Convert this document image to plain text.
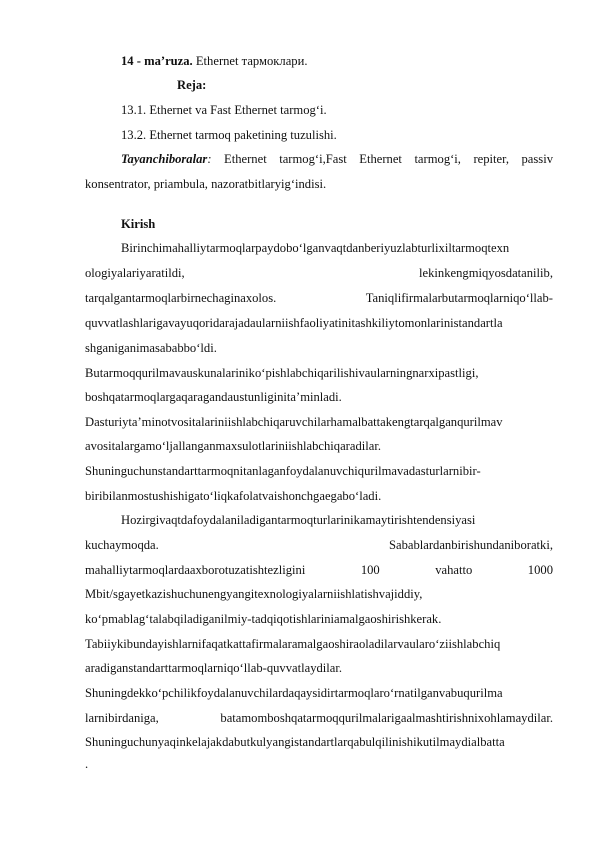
14 - ma’ruza. Ethernet тармоклари.
Reja:
13.1. Ethernet va Fast Ethernet tarmog‘i.
13.2. Ethernet tarmoq paketining tuzulishi.
Tayanchiboralar: Ethernet tarmog‘i,Fast Ethernet tarmog‘i, repiter, passiv
konsentrator, priambula, nazoratbitlaryig‘indisi.
Kirish
Birinchimahalliytarmoqlarpaydobo‘lganvaqtdanberiyuzlabturlixiltarmoqtexn
ologiyalariyaratildi,	lekinkengmiqyosdatanilib,
tarqalgantarmoqlarbirnechaginaxolos.	Taniqlifirmalarbutarmoqlarniqo‘llab-
quvvatlashlarigavayuqoridarajadaularniishfaoliyatinitashkiliytomonlarinistandartla
shganiganimasababbo‘ldi.
Butarmoqqurilmavauskunalariniko‘pishlabchiqarilishivaularningnarxipastligi,
boshqatarmoqlargaqaragandaustunliginita’minladi.
Dasturiyta’minotvositalariniishlabchiqaruvchilarhamalbattakengtarqalganqurilmav
avositalargamo‘ljallanganmaxsulotlariniishlabchiqaradilar.
Shuninguchunstandarttarmoqnitanlaganfoydalanuvchiqurilmavadasturlarnibir-
biribilanmostushishigato‘liqkafolatvaishonchgaegabo‘ladi.
Hozirgivaqtdafoydalaniladigantarmoqturlarinikamaytirishtendensiyasi
kuchaymoqda.	Sabablardanbirishundaniboratki,
mahalliytarmoqlardaaxborotuzatishtezligini	100	vahatto	1000
Mbit/sgayetkazishuchunengyangitexnologiyalarniishlatishvajiddiy,
ko‘pmablag‘talabqiladiganilmiy-tadqiqotishlariniamalgaoshirishkerak.
Tabiiykibundayishlarnifaqatkattafirmalaramalgaoshiraoladilarvaularo‘ziishlabchiq
aradiganstandarttarmoqlarniqo‘llab-quvvatlaydilar.
Shuningdekko‘pchilikfoydalanuvchilardaqaysidirtarmoqlaro‘rnatilganvabuqurilma
larnibirdaniga,	batamomboshqatarmoqqurilmalarigaalmashtirishnixohlamaydilar.
Shuninguchunyaqinkelajakdabutkulyangistandartlarqabulqilinishikutilmaydialbatta
.
